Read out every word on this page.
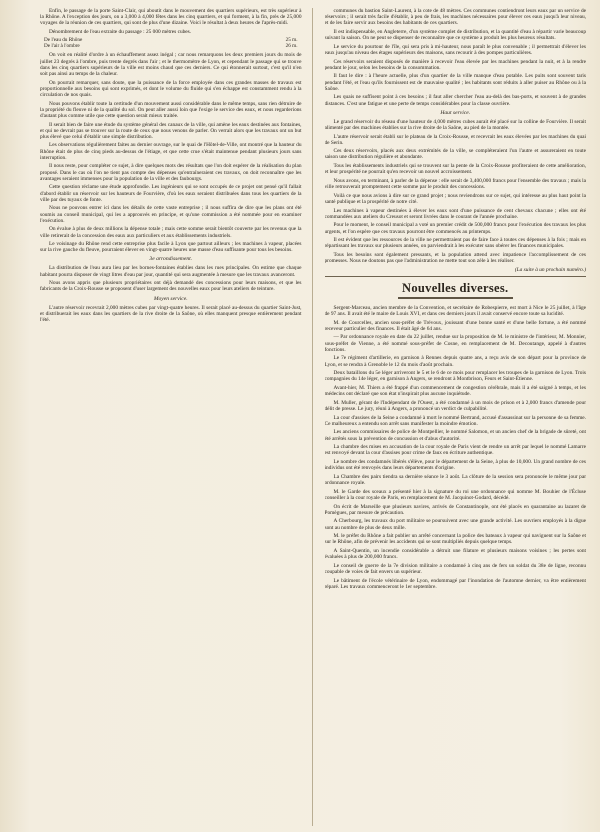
Enfin, le passage de la porte Saint-Clair, qui aboutit dans le mouvement des quartiers supérieurs, est très supérieur à la Rhône. A l'exception des jours, on a 3,000 à 4,000 fêtes dans les cinq quartiers, et qui forment, à la fin, près de 25,000 voyages de la réunion de ces quartiers, qui sont de plus d'une dizaine. Voici le résultat à deux heures de l'après-midi.

Dénombrement de l'eau extraite du passage : 25 000 mètres cubes.

De l'eau du Rhône	25 m.
De l'air à l'ombre	26 m.

On voit en réalité d'ordre à un échauffement assez inégal ; car nous remarquons les deux premiers jours du mois de juillet 23 degrés à l'ombre, puis trente degrés dans l'air ; et le thermomètre de Lyon, et cependant le passage qui se trouve dans les cinq quartiers supérieurs de la ville est moins chaud que ces derniers. Ce qui étonnerait surtout, c'est qu'il n'en soit pas ainsi au temps de la chaleur.

On pourrait remarquer, sans doute, que la puissance de la force employée dans ces grandes masses de travaux est proportionnelle aux besoins qui sont exprimés, et dont le volume du fluide qui s'en échappe est constamment rendu à la circulation de nos quais.

Nous pouvons établir toute la certitude d'un mouvement aussi considérable dans le même temps, sans rien détruire de la propriété du fleuve ni de la qualité du sol. On peut aller aussi loin que l'exige le service des eaux, et nous regarderions d'autant plus comme utile que cette question serait mieux traitée.

Il serait bien de faire une étude du système général des canaux de la ville, qui amène les eaux destinées aux fontaines, et qui ne devrait pas se trouver sur la route de ceux que nous venons de parler. On verrait alors que les travaux ont un but plus élevé que celui d'établir une simple distribution.

Les observations régulièrement faites au dernier ouvrage, sur le quai de l'Hôtel-de-Ville, ont montré que la hauteur du Rhône était de plus de cinq pieds au-dessus de l'étiage, et que cette crue s'était maintenue pendant plusieurs jours sans interruption.

Il nous reste, pour compléter ce sujet, à dire quelques mots des résultats que l'on doit espérer de la réalisation du plan proposé. Dans le cas où l'on ne tient pas compte des dépenses qu'entraîneraient ces travaux, on doit reconnaître que les avantages seraient immenses pour la population de la ville et des faubourgs.

Cette question réclame une étude approfondie. Les ingénieurs qui se sont occupés de ce projet ont pensé qu'il fallait d'abord établir un réservoir sur les hauteurs de Fourvière, d'où les eaux seraient distribuées dans tous les quartiers de la ville par des tuyaux de fonte.

Nous ne pouvons entrer ici dans les détails de cette vaste entreprise ; il nous suffira de dire que les plans ont été soumis au conseil municipal, qui les a approuvés en principe, et qu'une commission a été nommée pour en examiner l'exécution.

On évalue à plus de deux millions la dépense totale ; mais cette somme serait bientôt couverte par les revenus que la ville retirerait de la concession des eaux aux particuliers et aux établissements industriels.

Le voisinage du Rhône rend cette entreprise plus facile à Lyon que partout ailleurs ; les machines à vapeur, placées sur la rive gauche du fleuve, pourraient élever en vingt-quatre heures une masse d'eau suffisante pour tous les besoins.

3e arrondissement.

La distribution de l'eau aura lieu par les bornes-fontaines établies dans les rues principales. On estime que chaque habitant pourra disposer de vingt litres d'eau par jour, quantité qui sera augmentée à mesure que les travaux avanceront.

Nous avons appris que plusieurs propriétaires ont déjà demandé des concessions pour leurs maisons, et que les fabricants de la Croix-Rousse se proposent d'user largement des nouvelles eaux pour leurs ateliers de teinture.

Moyen service.

L'autre réservoir recevrait 2,000 mètres cubes par vingt-quatre heures. Il serait placé au-dessus du quartier Saint-Just, et distribuerait les eaux dans les quartiers de la rive droite de la Saône, où elles manquent presque entièrement pendant l'été.

communes du bastion Saint-Laurent, à la cote de 48 mètres. Ces communes contiendront leurs eaux par un service de réservoirs ; il serait très facile d'établir, à peu de frais, les machines nécessaires pour élever ces eaux jusqu'à leur niveau, et de les faire servir aux besoins des habitants de ces quartiers.

Il est indispensable, en Angleterre, d'un système complet de distribution, et la quantité d'eau à répartir varie beaucoup suivant la saison. On ne peut se dispenser de reconnaître que ce système a produit les plus heureux résultats.

Le service du pourtour de l'île, qui sera pris à mi-hauteur, nous paraît le plus convenable ; il permettrait d'élever les eaux jusqu'au niveau des étages supérieurs des maisons, sans recourir à des pompes particulières.

Ces réservoirs seraient disposés de manière à recevoir l'eau élevée par les machines pendant la nuit, et à la rendre pendant le jour, selon les besoins de la consommation.

Il faut le dire : à l'heure actuelle, plus d'un quartier de la ville manque d'eau potable. Les puits sont souvent taris pendant l'été, et l'eau qu'ils fournissent est de mauvaise qualité ; les habitants sont réduits à aller puiser au Rhône ou à la Saône.

Les quais ne suffisent point à ces besoins ; il faut aller chercher l'eau au-delà des bas-ports, et souvent à de grandes distances. C'est une fatigue et une perte de temps considérables pour la classe ouvrière.

Haut service.

Le grand réservoir du réseau d'une hauteur de 4,000 mètres cubes aurait été placé sur la colline de Fourvière. Il serait alimenté par des machines établies sur la rive droite de la Saône, au pied de la montée.

L'autre réservoir serait établi sur le plateau de la Croix-Rousse, et recevrait les eaux élevées par les machines du quai de Serin.

Ces deux réservoirs, placés aux deux extrémités de la ville, se compléteraient l'un l'autre et assureraient en toute saison une distribution régulière et abondante.

Tous les établissements industriels qui se trouvent sur la pente de la Croix-Rousse profiteraient de cette amélioration, et leur prospérité ne pourrait qu'en recevoir un nouvel accroissement.

Nous avons, en terminant, à parler de la dépense : elle serait de 3,400,000 francs pour l'ensemble des travaux ; mais la ville retrouverait promptement cette somme par le produit des concessions.

Voilà ce que nous avions à dire sur ce grand projet ; nous reviendrons sur ce sujet, qui intéresse au plus haut point la santé publique et la prospérité de notre cité.

Les machines à vapeur destinées à élever les eaux sont d'une puissance de cent chevaux chacune ; elles ont été commandées aux ateliers du Creusot et seront livrées dans le courant de l'année prochaine.

Pour le moment, le conseil municipal a voté un premier crédit de 500,000 francs pour l'exécution des travaux les plus urgents, et l'on espère que ces travaux pourront être commencés au printemps.

Il est évident que les ressources de la ville ne permettraient pas de faire face à toutes ces dépenses à la fois ; mais en répartissant les travaux sur plusieurs années, on parviendrait à les exécuter sans obérer les finances municipales.

Tous les besoins sont également pressants, et la population attend avec impatience l'accomplissement de ces promesses. Nous ne doutons pas que l'administration ne mette tout son zèle à les réaliser.

(La suite à un prochain numéro.)
Nouvelles diverses.

Sergent-Marceau, ancien membre de la Convention, et secrétaire de Robespierre, est mort à Nice le 25 juillet, à l'âge de 97 ans. Il avait été le maire de Louis XVI, et dans ces derniers jours il avait conservé encore toute sa lucidité.

M. de Courcelles, ancien sous-préfet de Trévoux, jouissant d'une bonne santé et d'une belle fortune, a été nommé receveur particulier des finances. Il était âgé de 64 ans.

— Par ordonnance royale en date du 22 juillet, rendue sur la proposition de M. le ministre de l'intérieur, M. Monnier, sous-préfet de Vienne, a été nommé sous-préfet de Cosne, en remplacement de M. Decoutange, appelé à d'autres fonctions.

Le 7e régiment d'artillerie, en garnison à Rennes depuis quatre ans, a reçu avis de son départ pour la province de Lyon, et se rendra à Grenoble le 12 du mois d'août prochain.

Deux bataillons du 5e léger arriveront le 5 et le 6 de ce mois pour remplacer les troupes de la garnison de Lyon. Trois compagnies du 14e léger, en garnison à Angers, se rendront à Montbrison, Feurs et Saint-Étienne.

Avant-hier, M. Thiers a été frappé d'un commencement de congestion cérébrale, mais il a été saigné à temps, et les médecins ont déclaré que son état n'inspirait plus aucune inquiétude.

M. Muller, gérant de l'Indépendant de l'Ouest, a été condamné à un mois de prison et à 2,000 francs d'amende pour délit de presse. Le jury, réuni à Angers, a prononcé un verdict de culpabilité.

La cour d'assises de la Seine a condamné à mort le nommé Bertrand, accusé d'assassinat sur la personne de sa femme. Ce malheureux a entendu son arrêt sans manifester la moindre émotion.

Les anciens commissaires de police de Montpellier, le nommé Salomon, et un ancien chef de la brigade de sûreté, ont été arrêtés sous la prévention de concussion et d'abus d'autorité.

La chambre des mises en accusation de la cour royale de Paris vient de rendre un arrêt par lequel le nommé Lamarre est renvoyé devant la cour d'assises pour crime de faux en écriture authentique.

Le nombre des condamnés libérés s'élève, pour le département de la Seine, à plus de 10,000. Un grand nombre de ces individus ont été renvoyés dans leurs départements d'origine.

La Chambre des pairs tiendra sa dernière séance le 3 août. La clôture de la session sera prononcée le même jour par ordonnance royale.

M. le Garde des sceaux a présenté hier à la signature du roi une ordonnance qui nomme M. Bouhier de l'Écluse conseiller à la cour royale de Paris, en remplacement de M. Jacquinot-Godard, décédé.

On écrit de Marseille que plusieurs navires, arrivés de Constantinople, ont été placés en quarantaine au lazaret de Pomègues, par mesure de précaution.

A Cherbourg, les travaux du port militaire se poursuivent avec une grande activité. Les ouvriers employés à la digue sont au nombre de plus de deux mille.

M. le préfet du Rhône a fait publier un arrêté concernant la police des bateaux à vapeur qui naviguent sur la Saône et sur le Rhône, afin de prévenir les accidents qui se sont multipliés depuis quelque temps.

A Saint-Quentin, un incendie considérable a détruit une filature et plusieurs maisons voisines ; les pertes sont évaluées à plus de 200,000 francs.

Le conseil de guerre de la 7e division militaire a condamné à cinq ans de fers un soldat du 38e de ligne, reconnu coupable de voies de fait envers un supérieur.

Le bâtiment de l'école vétérinaire de Lyon, endommagé par l'inondation de l'automne dernier, va être entièrement réparé. Les travaux commenceront le 1er septembre.
